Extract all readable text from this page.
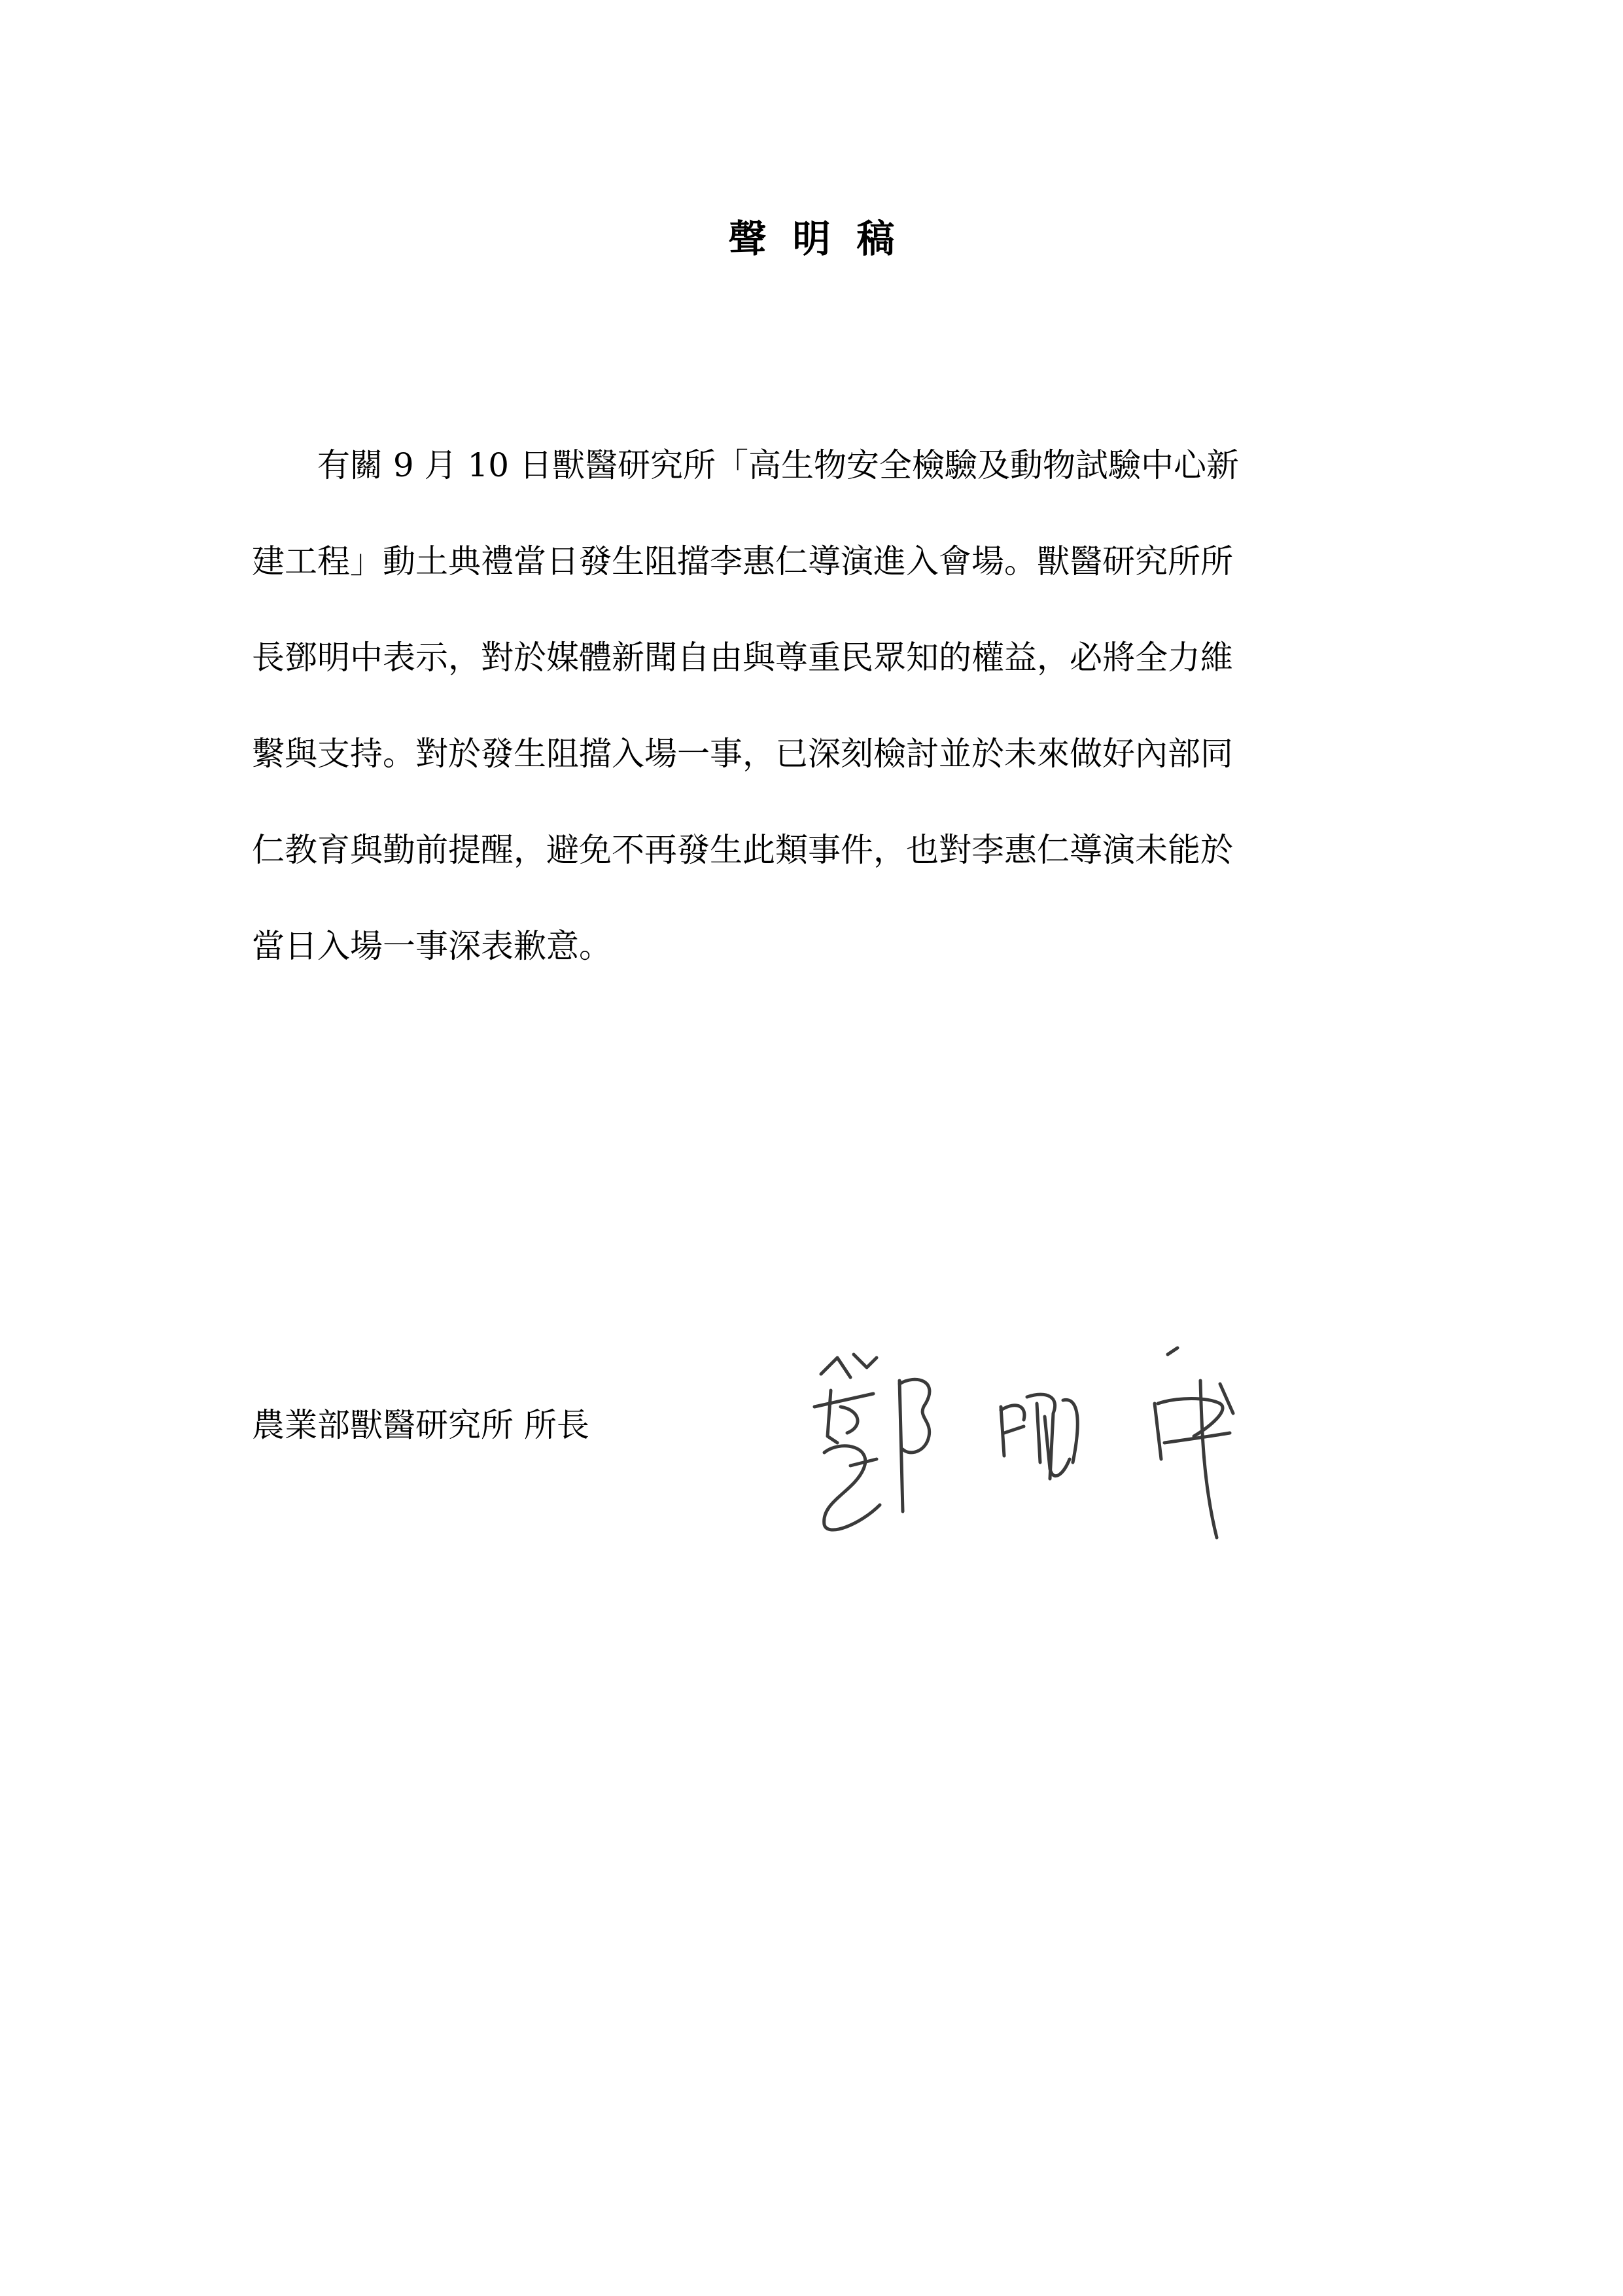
聲明稿
有關 9 月 10 日獸醫研究所「高生物安全檢驗及動物試驗中心新
建工程」動土典禮當日發生阻擋李惠仁導演進入會場。獸醫研究所所
長鄧明中表示，對於媒體新聞自由與尊重民眾知的權益，必將全力維
繫與支持。對於發生阻擋入場一事，已深刻檢討並於未來做好內部同
仁教育與勤前提醒，避免不再發生此類事件，也對李惠仁導演未能於
當日入場一事深表歉意。
農業部獸醫研究所 所長
